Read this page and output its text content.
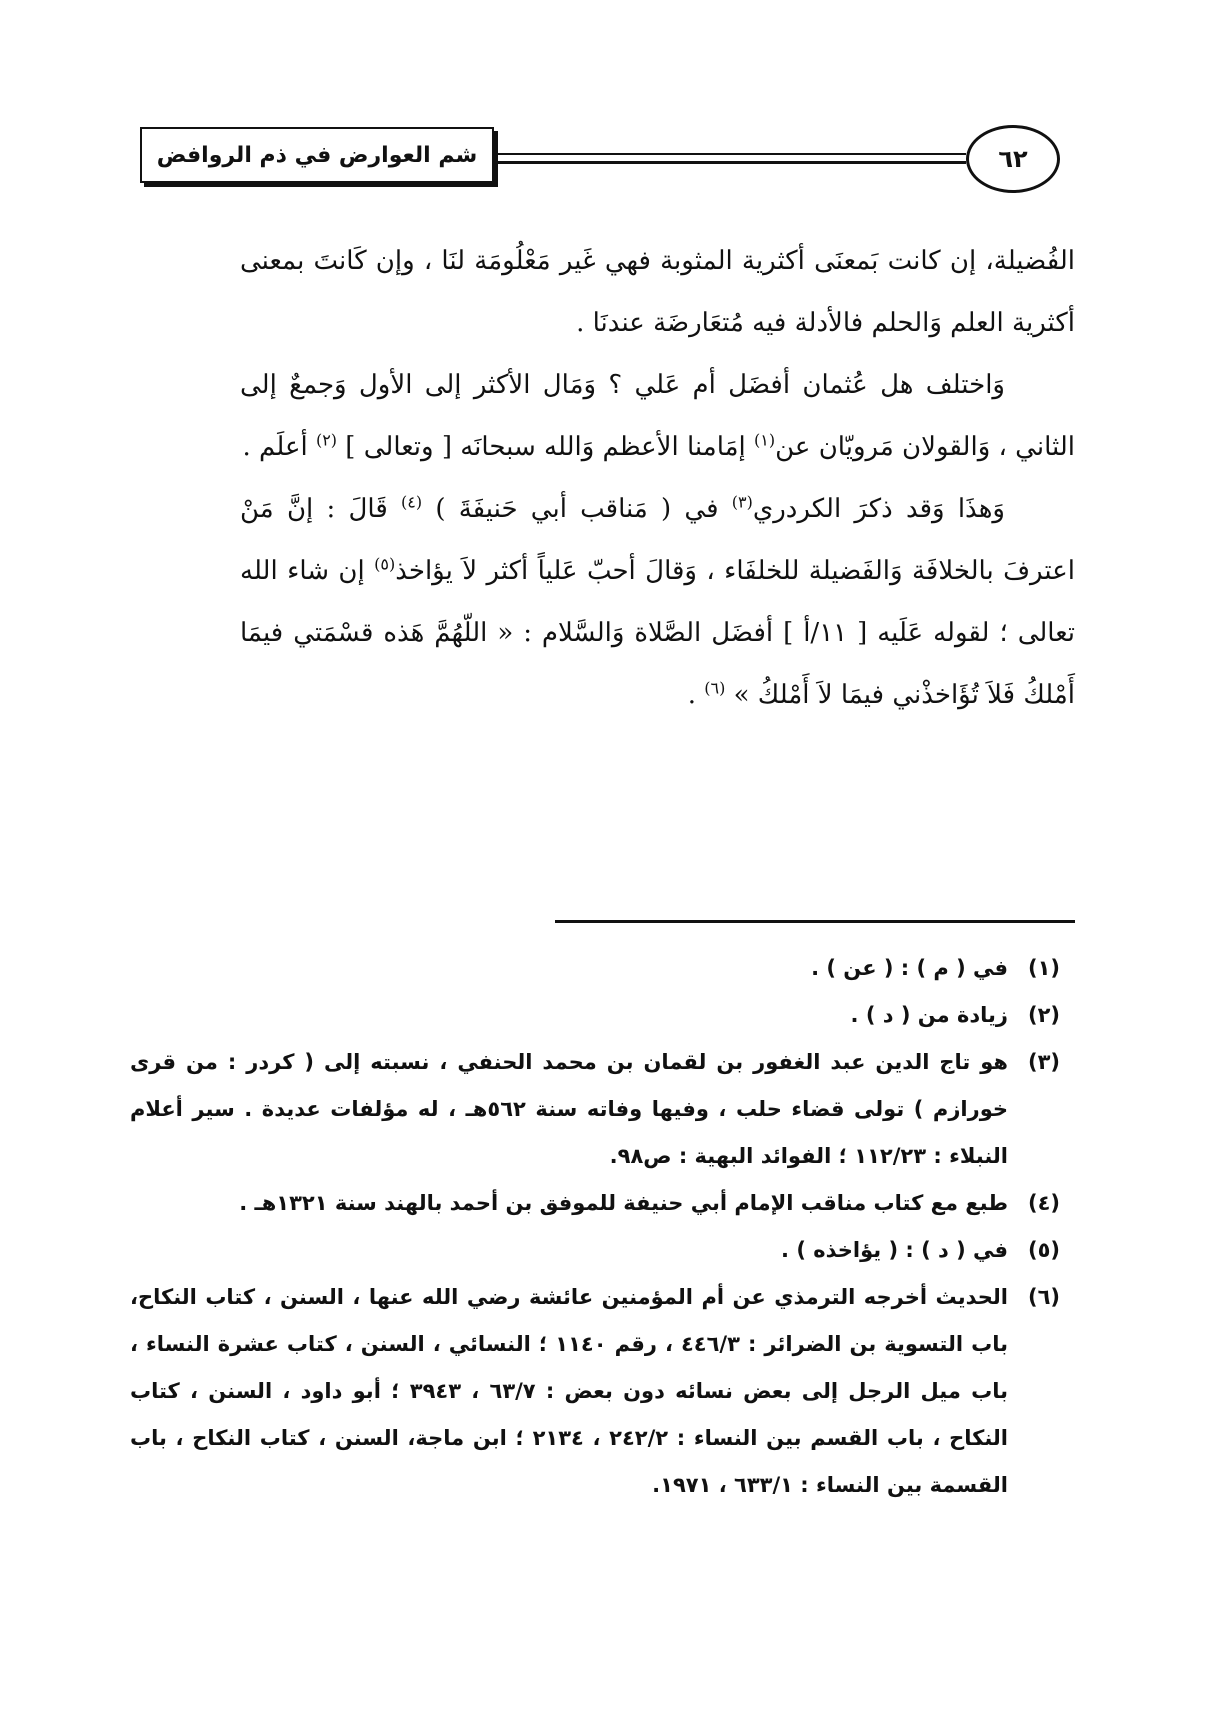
شم العوارض في ذم الروافض	٦٢

الفُضيلة، إن كانت بَمعنَى أكثرية المثوبة فهي غَير مَعْلُومَة لنَا ، وإن كَانتَ بمعنى أكثرية العلم وَالحلم فالأدلة فيه مُتعَارضَة عندنَا .

وَاختلف هل عُثمان أفضَل أم عَلي ؟ وَمَال الأكثر إلى الأول وَجمعٌ إلى الثاني ، وَالقولان مَرويّان عن$^{(١)}$ إمَامنا الأعظم وَالله سبحانَه [ وتعالى ] $^{(٢)}$ أعلَم .

وَهذَا وَقد ذكرَ الكردري$^{(٣)}$ في ( مَناقب أبي حَنيفَةَ ) $^{(٤)}$ قَالَ : إنَّ مَنْ اعترفَ بالخلافَة وَالفَضيلة للخلفَاء ، وَقالَ أحبّ عَلياً أكثر لاَ يؤاخذ$^{(٥)}$ إن شاء الله تعالى ؛ لقوله عَلَيه [ ١١/أ ] أفضَل الصَّلاة وَالسَّلام : « اللّهُمَّ هَذه قسْمَتي فيمَا أَمْلكُ فَلاَ تُؤَاخذْني فيمَا لاَ أَمْلكُ » $^{(٦)}$ .

(١)
في ( م ) : ( عن ) .
(٢)
زيادة من ( د ) .
(٣)
هو تاج الدين عبد الغفور بن لقمان بن محمد الحنفي ، نسبته إلى ( كردر : من قرى خورازم ) تولى قضاء حلب ، وفيها وفاته سنة ٥٦٢هـ ، له مؤلفات عديدة . سير أعلام النبلاء : ١١٢/٢٣ ؛ الفوائد البهية : ص٩٨.
(٤)
طبع مع كتاب مناقب الإمام أبي حنيفة للموفق بن أحمد بالهند سنة ١٣٢١هـ .
(٥)
في ( د ) : ( يؤاخذه ) .
(٦)
الحديث أخرجه الترمذي عن أم المؤمنين عائشة رضي الله عنها ، السنن ، كتاب النكاح، باب التسوية بن الضرائر : ٤٤٦/٣ ، رقم ١١٤٠ ؛ النسائي ، السنن ، كتاب عشرة النساء ، باب ميل الرجل إلى بعض نسائه دون بعض : ٦٣/٧ ، ٣٩٤٣ ؛ أبو داود ، السنن ، كتاب النكاح ، باب القسم بين النساء : ٢٤٢/٢ ، ٢١٣٤ ؛ ابن ماجة، السنن ، كتاب النكاح ، باب القسمة بين النساء : ٦٣٣/١ ، ١٩٧١.
